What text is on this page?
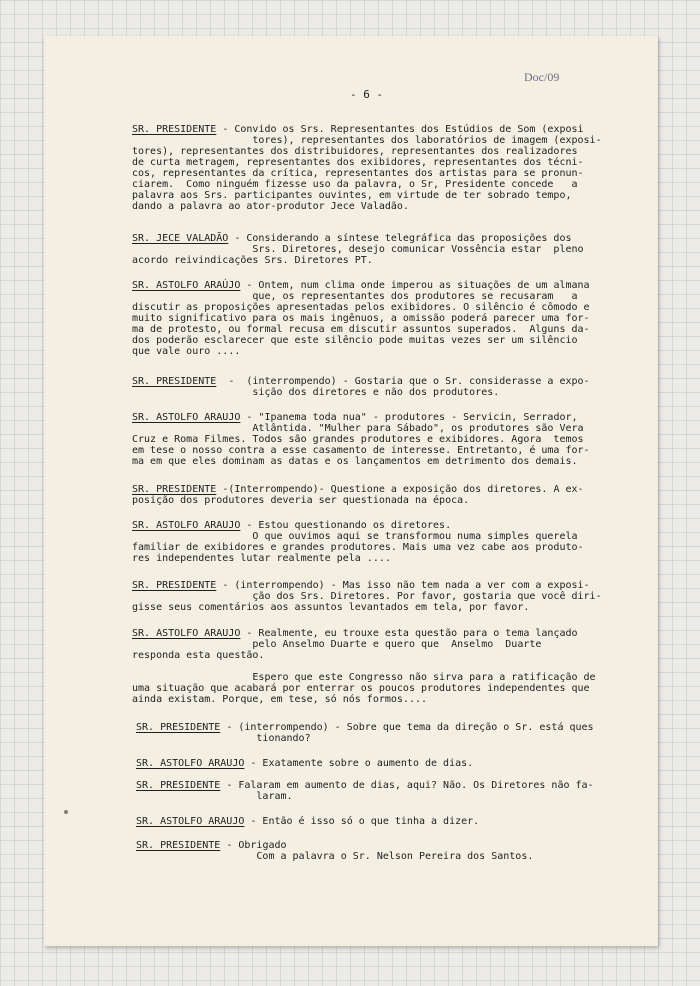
Doc/09
- 6 -
SR. PRESIDENTE - Convido os Srs. Representantes dos Estúdios de Som (exposi
tores), representantes dos laboratórios de imagem (exposi-
tores), representantes dos distribuidores, representantes dos realizadores
de curta metragem, representantes dos exibidores, representantes dos técni-
cos, representantes da crítica, representantes dos artistas para se pronun-
ciarem.  Como ninguém fizesse uso da palavra, o Sr, Presidente concede   a
palavra aos Srs. participantes ouvintes, em virtude de ter sobrado tempo,
dando a palavra ao ator-produtor Jece Valadão.
SR. JECE VALADÃO - Considerando a síntese telegráfica das proposições dos
Srs. Diretores, desejo comunicar Vossência estar  pleno
acordo reivindicações Srs. Diretores PT.
SR. ASTOLFO ARAÚJO - Ontem, num clima onde imperou as situações de um almana
que, os representantes dos produtores se recusaram   a
discutir as proposições apresentadas pelos exibidores. O silêncio é cômodo e
muito significativo para os mais ingênuos, a omissão poderá parecer uma for-
ma de protesto, ou formal recusa em discutir assuntos superados.  Alguns da-
dos poderão esclarecer que este silêncio pode muitas vezes ser um silêncio
que vale ouro ....
SR. PRESIDENTE  -  (interrompendo) - Gostaria que o Sr. considerasse a expo-
sição dos diretores e não dos produtores.
SR. ASTOLFO ARAUJO - "Ipanema toda nua" - produtores - Servicin, Serrador,
Atlântida. "Mulher para Sábado", os produtores são Vera
Cruz e Roma Filmes. Todos são grandes produtores e exibidores. Agora  temos
em tese o nosso contra a esse casamento de interesse. Entretanto, é uma for-
ma em que eles dominam as datas e os lançamentos em detrimento dos demais.
SR. PRESIDENTE -(Interrompendo)- Questione a exposição dos diretores. A ex-
posição dos produtores deveria ser questionada na época.
SR. ASTOLFO ARAUJO - Estou questionando os diretores.
O que ouvimos aqui se transformou numa simples querela
familiar de exibidores e grandes produtores. Mais uma vez cabe aos produto-
res independentes lutar realmente pela ....
SR. PRESIDENTE - (interrompendo) - Mas isso não tem nada a ver com a exposi-
ção dos Srs. Diretores. Por favor, gostaria que você diri-
gisse seus comentários aos assuntos levantados em tela, por favor.
SR. ASTOLFO ARAUJO - Realmente, eu trouxe esta questão para o tema lançado
pelo Anselmo Duarte e quero que  Anselmo  Duarte
responda esta questão.

Espero que este Congresso não sirva para a ratificação de
uma situação que acabará por enterrar os poucos produtores independentes que
ainda existam. Porque, em tese, só nós formos....
SR. PRESIDENTE - (interrompendo) - Sobre que tema da direção o Sr. está ques
tionando?
SR. ASTOLFO ARAUJO - Exatamente sobre o aumento de dias.
SR. PRESIDENTE - Falaram em aumento de dias, aqui? Não. Os Diretores não fa-
laram.
SR. ASTOLFO ARAUJO - Então é isso só o que tinha a dizer.
SR. PRESIDENTE - Obrigado
Com a palavra o Sr. Nelson Pereira dos Santos.
